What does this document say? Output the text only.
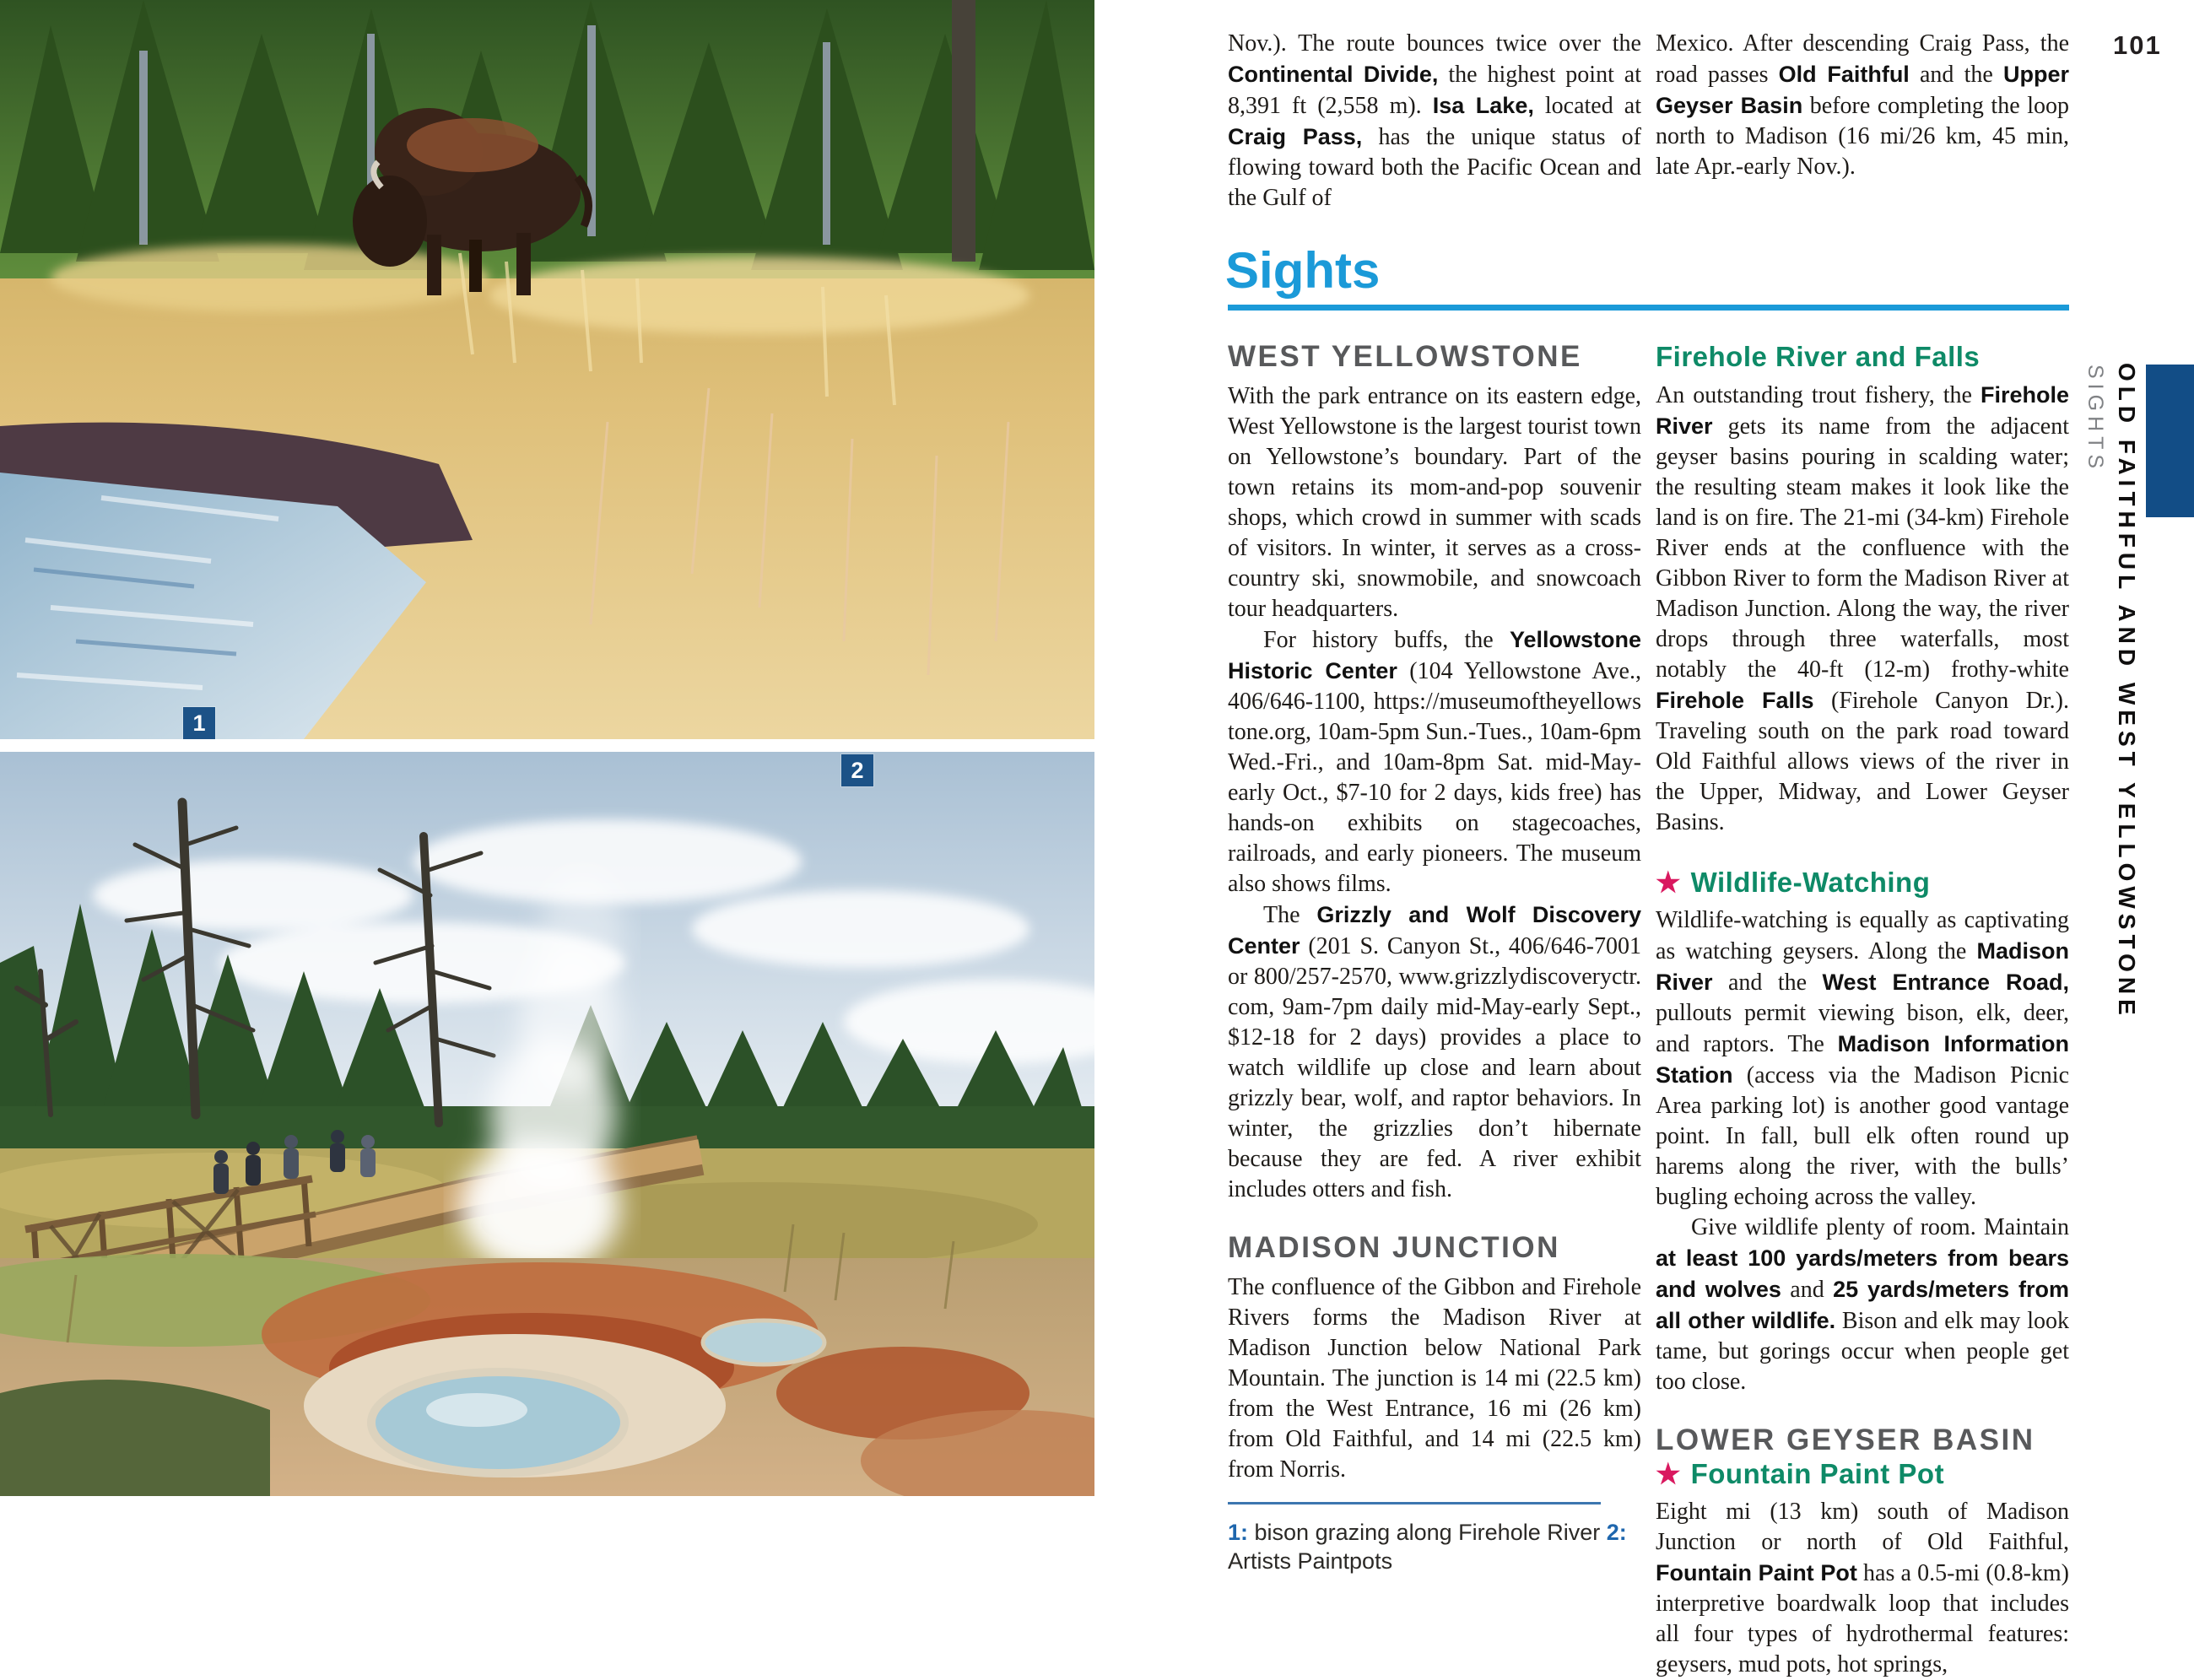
1
2
101
SIGHTS OLD FAITHFUL AND WEST YELLOWSTONE
Nov.). The route bounces twice over the Continental Divide, the highest point at 8,391 ft (2,558 m). Isa Lake, located at Craig Pass, has the unique status of flowing toward both the Pacific Ocean and the Gulf of
Mexico. After descending Craig Pass, the road passes Old Faithful and the Upper Geyser Basin before completing the loop north to Madison (16 mi/26 km, 45 min, late Apr.-early Nov.).
Sights
WEST YELLOWSTONE

With the park entrance on its eastern edge, West Yellowstone is the largest tourist town on Yellowstone’s boundary. Part of the town retains its mom-and-pop souvenir shops, which crowd in summer with scads of visitors. In winter, it serves as a cross-country ski, snowmobile, and snowcoach tour headquarters.

For history buffs, the Yellowstone Historic Center (104 Yellowstone Ave., 406/646-1100, https://museumoftheyellowstone.org, 10am-5pm Sun.-Tues., 10am-6pm Wed.-Fri., and 10am-8pm Sat. mid-May-early Oct., $7-10 for 2 days, kids free) has hands-on exhibits on stagecoaches, railroads, and early pioneers. The museum also shows films.

The Grizzly and Wolf Discovery Center (201 S. Canyon St., 406/646-7001 or 800/257-2570, www.grizzlydiscoveryctr.com, 9am-7pm daily mid-May-early Sept., $12-18 for 2 days) provides a place to watch wildlife up close and learn about grizzly bear, wolf, and raptor behaviors. In winter, the grizzlies don’t hibernate because they are fed. A river exhibit includes otters and fish.

MADISON JUNCTION

The confluence of the Gibbon and Firehole Rivers forms the Madison River at Madison Junction below National Park Mountain. The junction is 14 mi (22.5 km) from the West Entrance, 16 mi (26 km) from Old Faithful, and 14 mi (22.5 km) from Norris.

1: bison grazing along Firehole River 2: Artists Paintpots
Firehole River and Falls

An outstanding trout fishery, the Firehole River gets its name from the adjacent geyser basins pouring in scalding water; the resulting steam makes it look like the land is on fire. The 21-mi (34-km) Firehole River ends at the confluence with the Gibbon River to form the Madison River at Madison Junction. Along the way, the river drops through three waterfalls, most notably the 40-ft (12-m) frothy-white Firehole Falls (Firehole Canyon Dr.). Traveling south on the park road toward Old Faithful allows views of the river in the Upper, Midway, and Lower Geyser Basins.

★ Wildlife-Watching

Wildlife-watching is equally as captivating as watching geysers. Along the Madison River and the West Entrance Road, pullouts permit viewing bison, elk, deer, and raptors. The Madison Information Station (access via the Madison Picnic Area parking lot) is another good vantage point. In fall, bull elk often round up harems along the river, with the bulls’ bugling echoing across the valley.

Give wildlife plenty of room. Maintain at least 100 yards/meters from bears and wolves and 25 yards/meters from all other wildlife. Bison and elk may look tame, but gorings occur when people get too close.

LOWER GEYSER BASIN
★ Fountain Paint Pot

Eight mi (13 km) south of Madison Junction or north of Old Faithful, Fountain Paint Pot has a 0.5-mi (0.8-km) interpretive boardwalk loop that includes all four types of hydrothermal features: geysers, mud pots, hot springs,
